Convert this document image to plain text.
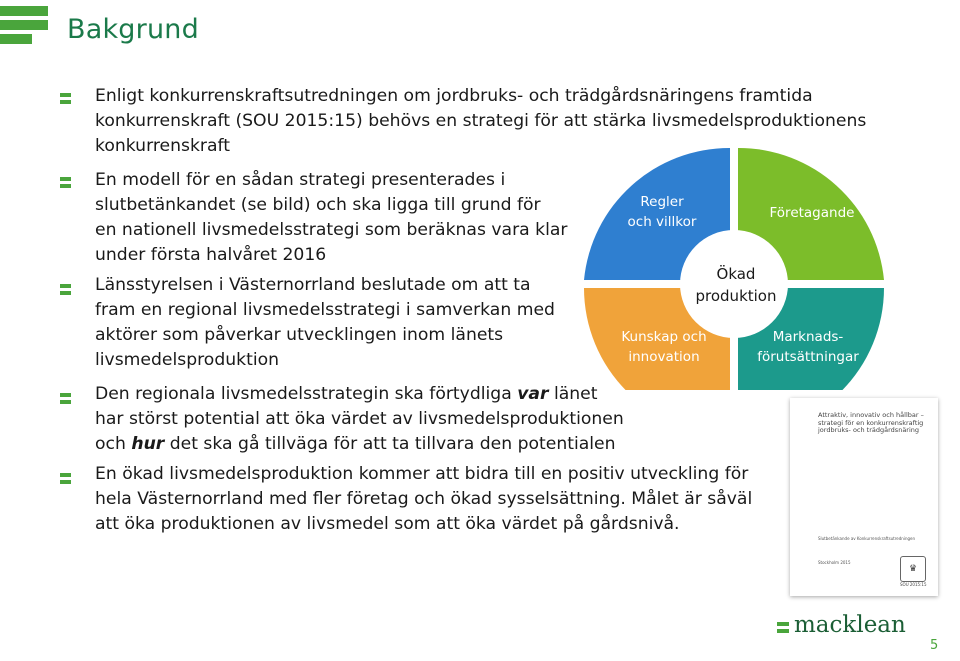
Bakgrund
Enligt konkurrenskraftsutredningen om jordbruks- och trädgårdsnäringens framtida
konkurrenskraft (SOU 2015:15) behövs en strategi för att stärka livsmedelsproduktionens
konkurrenskraft
En modell för en sådan strategi presenterades i
slutbetänkandet (se bild) och ska ligga till grund för
en nationell livsmedelsstrategi som beräknas vara klar
under första halvåret 2016
Länsstyrelsen i Västernorrland beslutade om att ta
fram en regional livsmedelsstrategi i samverkan med
aktörer som påverkar utvecklingen inom länets
livsmedelsproduktion
Den regionala livsmedelsstrategin ska förtydliga var länet
har störst potential att öka värdet av livsmedelsproduktionen
och hur det ska gå tillväga för att ta tillvara den potentialen
En ökad livsmedelsproduktion kommer att bidra till en positiv utveckling för
hela Västernorrland med fler företag och ökad sysselsättning. Målet är såväl
att öka produktionen av livsmedel som att öka värdet på gårdsnivå.
Regler
och villkor
Företagande
Ökad
produktion
Kunskap och
innovation
Marknads-
förutsättningar
Attraktiv, innovativ och hållbar –
strategi för en konkurrenskraftig
jordbruks- och trädgårdsnäring
Slutbetänkande av Konkurrenskraftsutredningen
Stockholm 2015
♛
SOU 2015:15
macklean
5
